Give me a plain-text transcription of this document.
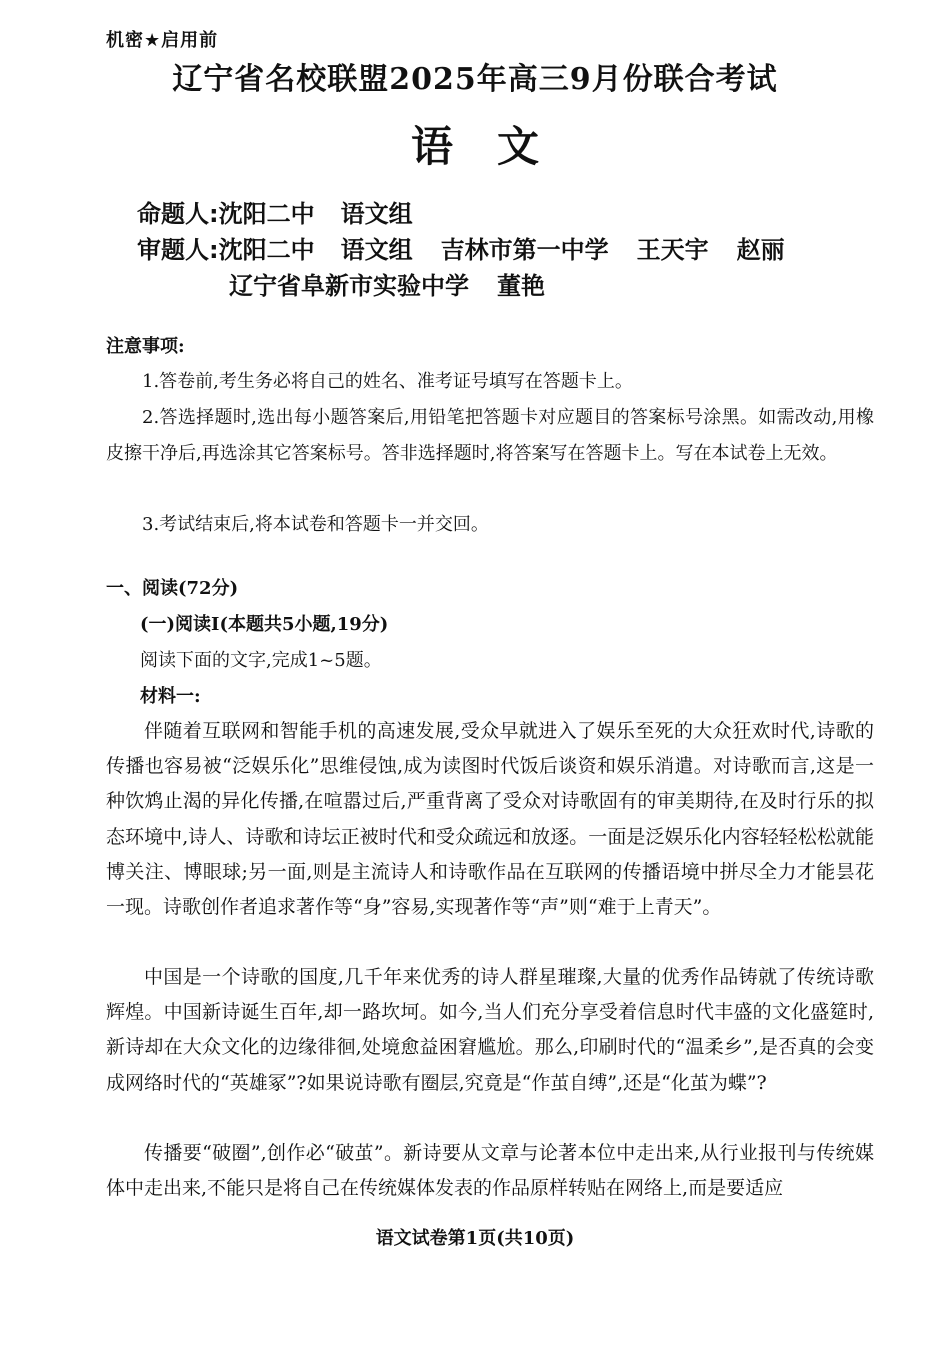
机密★启用前
辽宁省名校联盟2025年高三9月份联合考试
语文
命题人:沈阳二中 语文组
审题人:沈阳二中 语文组 吉林市第一中学 王天宇 赵丽
辽宁省阜新市实验中学 董艳
注意事项:

1.答卷前,考生务必将自己的姓名、准考证号填写在答题卡上。

2.答选择题时,选出每小题答案后,用铅笔把答题卡对应题目的答案标号涂黑。如需改动,用橡皮擦干净后,再选涂其它答案标号。答非选择题时,将答案写在答题卡上。写在本试卷上无效。

3.考试结束后,将本试卷和答题卡一并交回。

一、阅读(72分)
(一)阅读Ⅰ(本题共5小题,19分)
阅读下面的文字,完成1~5题。
材料一:

伴随着互联网和智能手机的高速发展,受众早就进入了娱乐至死的大众狂欢时代,诗歌的传播也容易被“泛娱乐化”思维侵蚀,成为读图时代饭后谈资和娱乐消遣。对诗歌而言,这是一种饮鸩止渴的异化传播,在喧嚣过后,严重背离了受众对诗歌固有的审美期待,在及时行乐的拟态环境中,诗人、诗歌和诗坛正被时代和受众疏远和放逐。一面是泛娱乐化内容轻轻松松就能博关注、博眼球;另一面,则是主流诗人和诗歌作品在互联网的传播语境中拼尽全力才能昙花一现。诗歌创作者追求著作等“身”容易,实现著作等“声”则“难于上青天”。

中国是一个诗歌的国度,几千年来优秀的诗人群星璀璨,大量的优秀作品铸就了传统诗歌辉煌。中国新诗诞生百年,却一路坎坷。如今,当人们充分享受着信息时代丰盛的文化盛筵时,新诗却在大众文化的边缘徘徊,处境愈益困窘尴尬。那么,印刷时代的“温柔乡”,是否真的会变成网络时代的“英雄冢”?如果说诗歌有圈层,究竟是“作茧自缚”,还是“化茧为蝶”?

传播要“破圈”,创作必“破茧”。新诗要从文章与论著本位中走出来,从行业报刊与传统媒体中走出来,不能只是将自己在传统媒体发表的作品原样转贴在网络上,而是要适应

语文试卷第1页(共10页)
